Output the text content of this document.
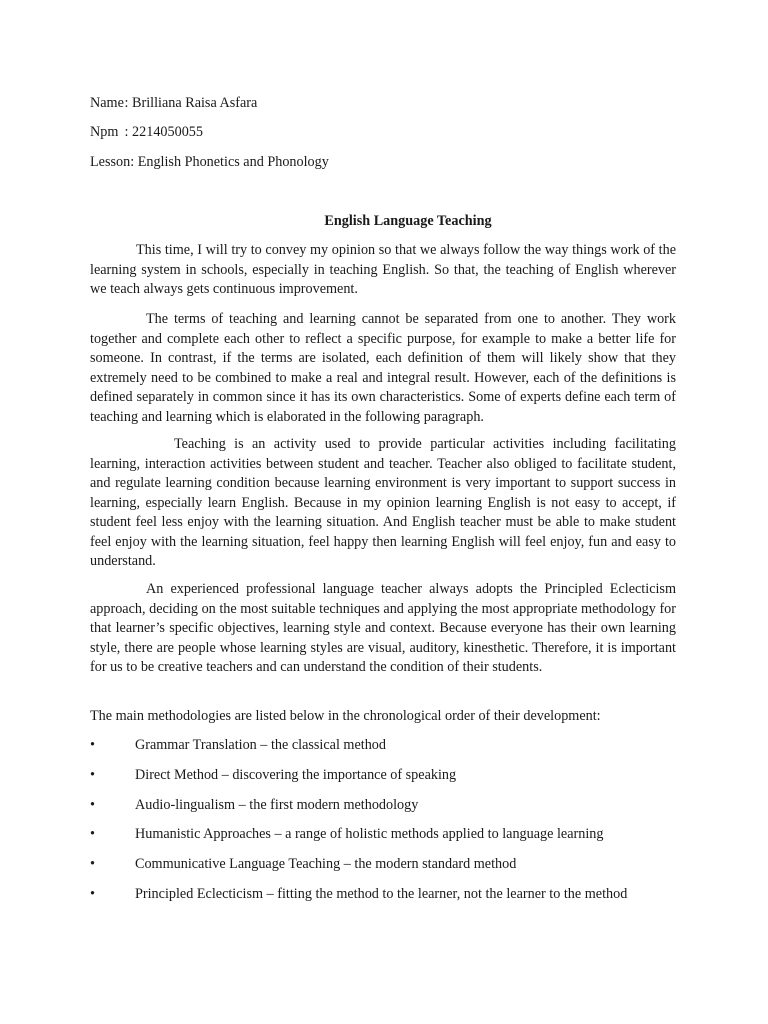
Name : Brilliana Raisa Asfara
Npm : 2214050055
Lesson: English Phonetics and Phonology
English Language Teaching

This time, I will try to convey my opinion so that we always follow the way things work of the learning system in schools, especially in teaching English. So that, the teaching of English wherever we teach always gets continuous improvement.

The terms of teaching and learning cannot be separated from one to another. They work together and complete each other to reflect a specific purpose, for example to make a better life for someone. In contrast, if the terms are isolated, each definition of them will likely show that they extremely need to be combined to make a real and integral result. However, each of the definitions is defined separately in common since it has its own characteristics. Some of experts define each term of teaching and learning which is elaborated in the following paragraph.

Teaching is an activity used to provide particular activities including facilitating learning, interaction activities between student and teacher. Teacher also obliged to facilitate student, and regulate learning condition because learning environment is very important to support success in learning, especially learn English. Because in my opinion learning English is not easy to accept, if student feel less enjoy with the learning situation. And English teacher must be able to make student feel enjoy with the learning situation, feel happy then learning English will feel enjoy, fun and easy to understand.

An experienced professional language teacher always adopts the Principled Eclecticism approach, deciding on the most suitable techniques and applying the most appropriate methodology for that learner’s specific objectives, learning style and context. Because everyone has their own learning style, there are people whose learning styles are visual, auditory, kinesthetic. Therefore, it is important for us to be creative teachers and can understand the condition of their students.

The main methodologies are listed below in the chronological order of their development:
•	Grammar Translation – the classical method
•	Direct Method – discovering the importance of speaking
•	Audio-lingualism – the first modern methodology
•	Humanistic Approaches – a range of holistic methods applied to language learning
•	Communicative Language Teaching – the modern standard method
•	Principled Eclecticism – fitting the method to the learner, not the learner to the method
